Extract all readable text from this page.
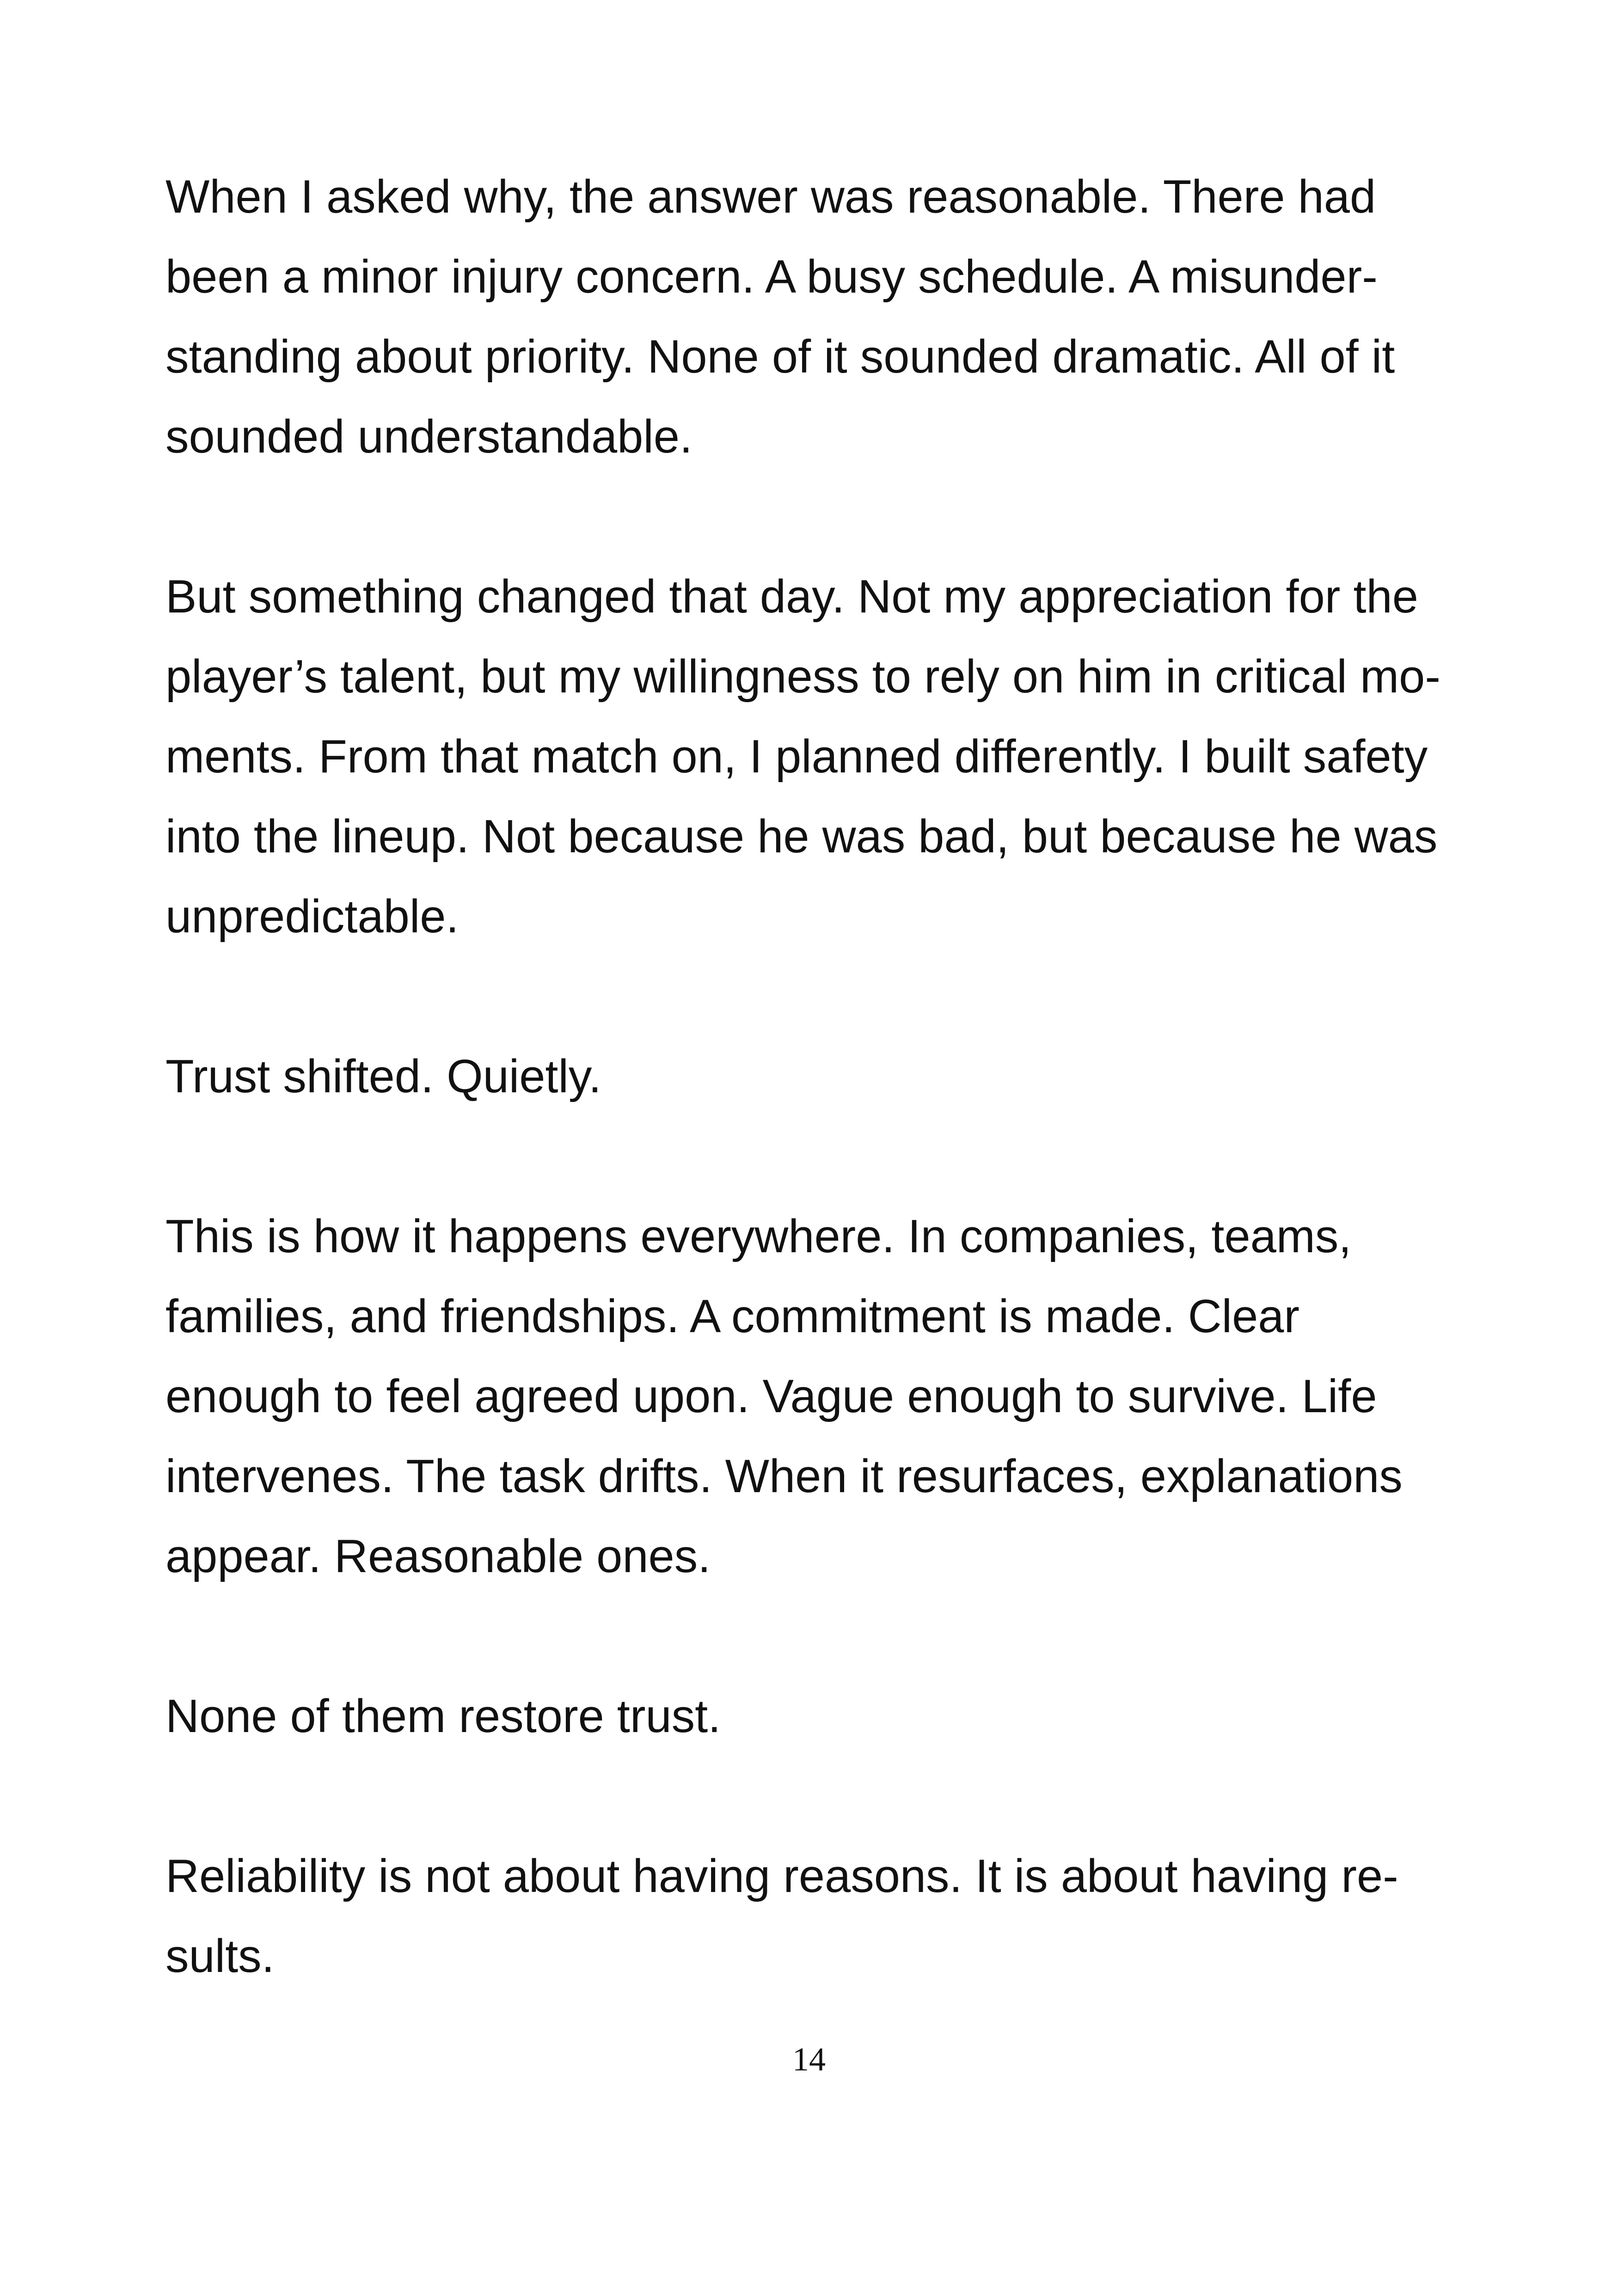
When I asked why, the answer was reasonable. There had
been a minor injury concern. A busy schedule. A misunder-
standing about priority. None of it sounded dramatic. All of it
sounded understandable.
But something changed that day. Not my appreciation for the
player’s talent, but my willingness to rely on him in critical mo-
ments. From that match on, I planned differently. I built safety
into the lineup. Not because he was bad, but because he was
unpredictable.
Trust shifted. Quietly.
This is how it happens everywhere. In companies, teams,
families, and friendships. A commitment is made. Clear
enough to feel agreed upon. Vague enough to survive. Life
intervenes. The task drifts. When it resurfaces, explanations
appear. Reasonable ones.
None of them restore trust.
Reliability is not about having reasons. It is about having re-
sults.
14
